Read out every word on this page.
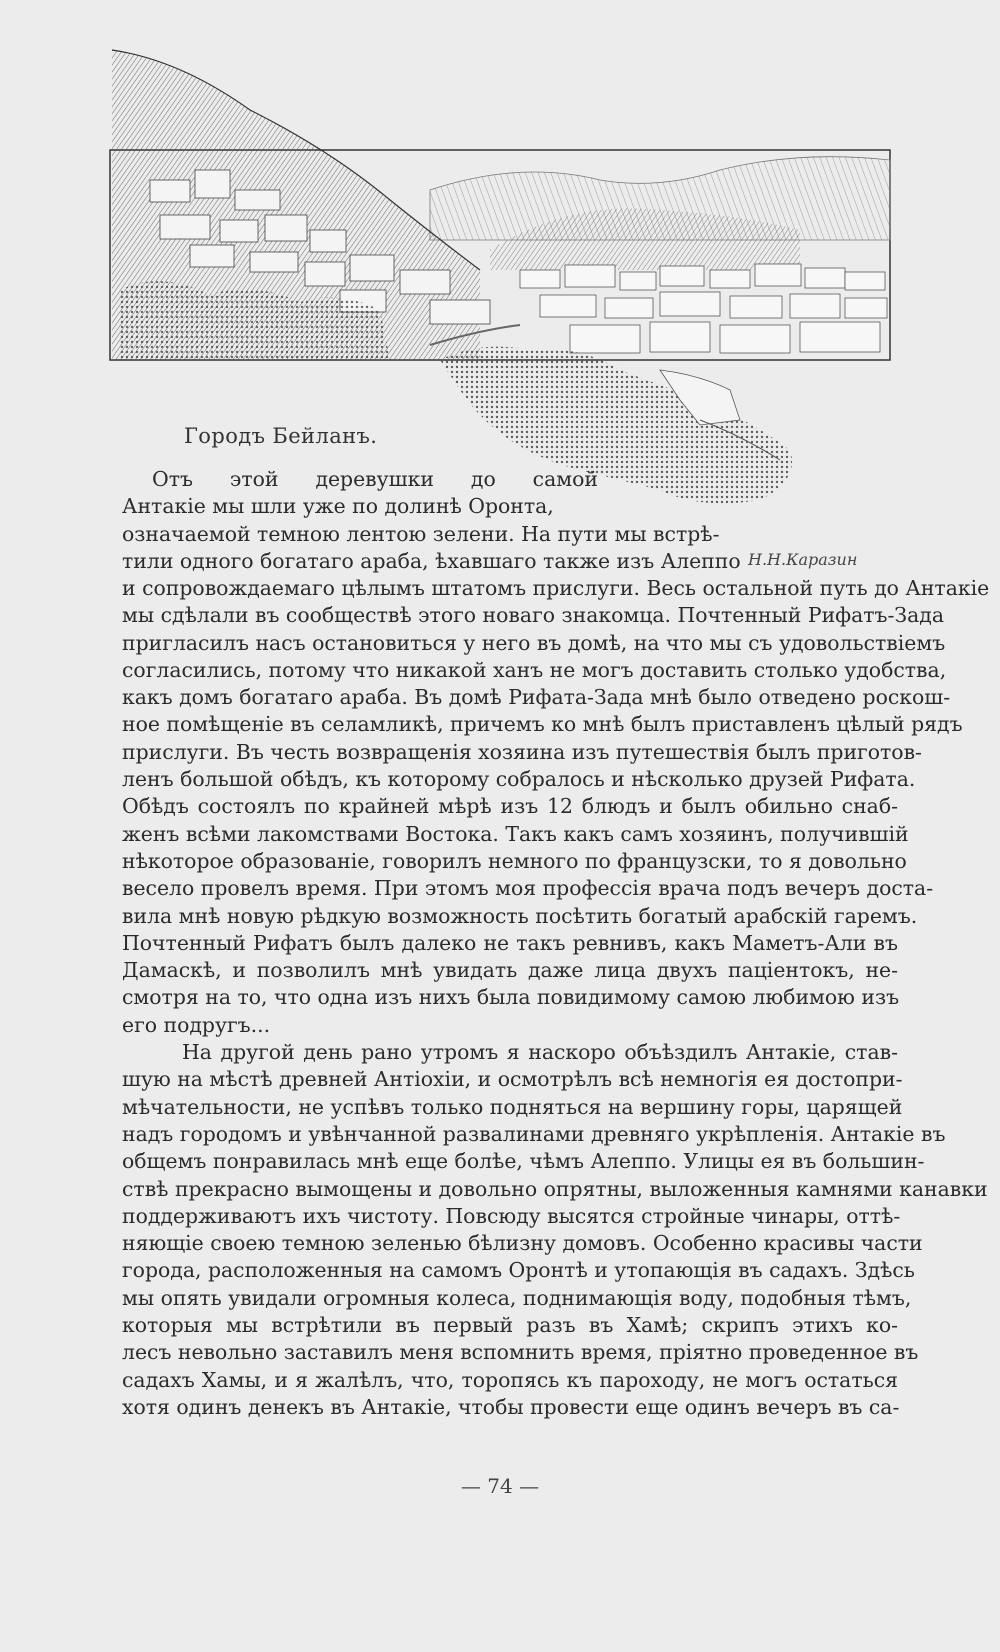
Городъ Бейланъ.
Н.Н.Каразин
Отъ этой деревушки до самой
Антакiе мы шли уже по долинѣ Оронта,
означаемой темною лентою зелени. На пути мы встрѣ-
тили одного богатаго араба, ѣхавшаго также изъ Алеппо
и сопровождаемаго цѣлымъ штатомъ прислуги. Весь остальной путь до Антакiе
мы сдѣлали въ сообществѣ этого новаго знакомца. Почтенный Рифатъ-Зада
пригласилъ насъ остановиться у него въ домѣ, на что мы съ удовольствiемъ
согласились, потому что никакой ханъ не могъ доставить столько удобства,
какъ домъ богатаго араба. Въ домѣ Рифата-Зада мнѣ было отведено роскош-
ное помѣщенiе въ селамликѣ, причемъ ко мнѣ былъ приставленъ цѣлый рядъ
прислуги. Въ честь возвращенiя хозяина изъ путешествiя былъ приготов-
ленъ большой обѣдъ, къ которому собралось и нѣсколько друзей Рифата.
Обѣдъ состоялъ по крайней мѣрѣ изъ 12 блюдъ и былъ обильно снаб-
женъ всѣми лакомствами Востока. Такъ какъ самъ хозяинъ, получившiй
нѣкоторое образованiе, говорилъ немного по французски, то я довольно
весело провелъ время. При этомъ моя профессiя врача подъ вечеръ доста-
вила мнѣ новую рѣдкую возможность посѣтить богатый арабскiй гаремъ.
Почтенный Рифатъ былъ далеко не такъ ревнивъ, какъ Маметъ-Али въ
Дамаскѣ, и позволилъ мнѣ увидать даже лица двухъ пацiентокъ, не-
смотря на то, что одна изъ нихъ была повидимому самою любимою изъ
его подругъ...
На другой день рано утромъ я наскоро объѣздилъ Антакiе, став-
шую на мѣстѣ древней Антiохiи, и осмотрѣлъ всѣ немногiя ея достопри-
мѣчательности, не успѣвъ только подняться на вершину горы, царящей
надъ городомъ и увѣнчанной развалинами древняго укрѣпленiя. Антакiе въ
общемъ понравилась мнѣ еще болѣе, чѣмъ Алеппо. Улицы ея въ большин-
ствѣ прекрасно вымощены и довольно опрятны, выложенныя камнями канавки
поддерживаютъ ихъ чистоту. Повсюду высятся стройные чинары, оттѣ-
няющiе своею темною зеленью бѣлизну домовъ. Особенно красивы части
города, расположенныя на самомъ Оронтѣ и утопающiя въ садахъ. Здѣсь
мы опять увидали огромныя колеса, поднимающiя воду, подобныя тѣмъ,
которыя мы встрѣтили въ первый разъ въ Хамѣ; скрипъ этихъ ко-
лесъ невольно заставилъ меня вспомнить время, прiятно проведенное въ
садахъ Хамы, и я жалѣлъ, что, торопясь къ пароходу, не могъ остаться
хотя одинъ денекъ въ Антакiе, чтобы провести еще одинъ вечеръ въ са-
— 74 —
